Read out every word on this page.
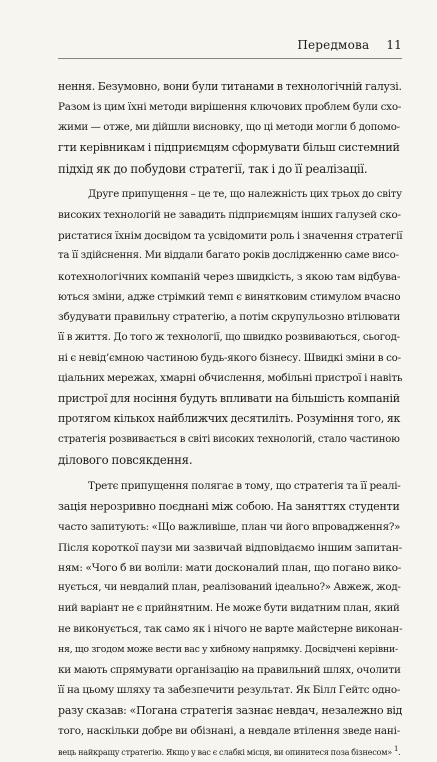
Передмова 11
нення. Безумовно, вони були титанами в технологічній галузі.
Разом із цим їхні методи вирішення ключових проблем були схо-
жими — отже, ми дійшли висновку, що ці методи могли б допомо-
гти керівникам і підприємцям сформувати більш системний
підхід як до побудови стратегії, так і до її реалізації.
Друге припущення – це те, що належність цих трьох до світу
високих технологій не завадить підприємцям інших галузей ско-
ристатися їхнім досвідом та усвідомити роль і значення стратегії
та її здійснення. Ми віддали багато років дослідженню саме висо-
котехнологічних компаній через швидкість, з якою там відбува-
ються зміни, адже стрімкий темп є винятковим стимулом вчасно
збудувати правильну стратегію, а потім скрупульозно втілювати
її в життя. До того ж технології, що швидко розвиваються, сьогод-
ні є невід’ємною частиною будь-якого бізнесу. Швидкі зміни в со-
ціальних мережах, хмарні обчислення, мобільні пристрої і навіть
пристрої для носіння будуть впливати на більшість компаній
протягом кількох найближчих десятиліть. Розуміння того, як
стратегія розвивається в світі високих технологій, стало частиною
ділового повсякдення.
Третє припущення полягає в тому, що стратегія та її реалі-
зація нерозривно поєднані між собою. На заняттях студенти
часто запитують: «Що важливіше, план чи його впровадження?»
Після короткої паузи ми зазвичай відповідаємо іншим запитан-
ням: «Чого б ви воліли: мати досконалий план, що погано вико-
нується, чи невдалий план, реалізований ідеально?» Авжеж, жод-
ний варіант не є прийнятним. Не може бути видатним план, який
не виконується, так само як і нічого не варте майстерне виконан-
ня, що згодом може вести вас у хибному напрямку. Досвідчені керівни-
ки мають спрямувати організацію на правильний шлях, очолити
її на цьому шляху та забезпечити результат. Як Білл Гейтс одно-
разу сказав: «Погана стратегія зазнає невдач, незалежно від
того, наскільки добре ви обізнані, а невдале втілення зведе нані-
вець найкращу стратегію. Якщо у вас є слабкі місця, ви опинитеся поза бізнесом» $^1$.
